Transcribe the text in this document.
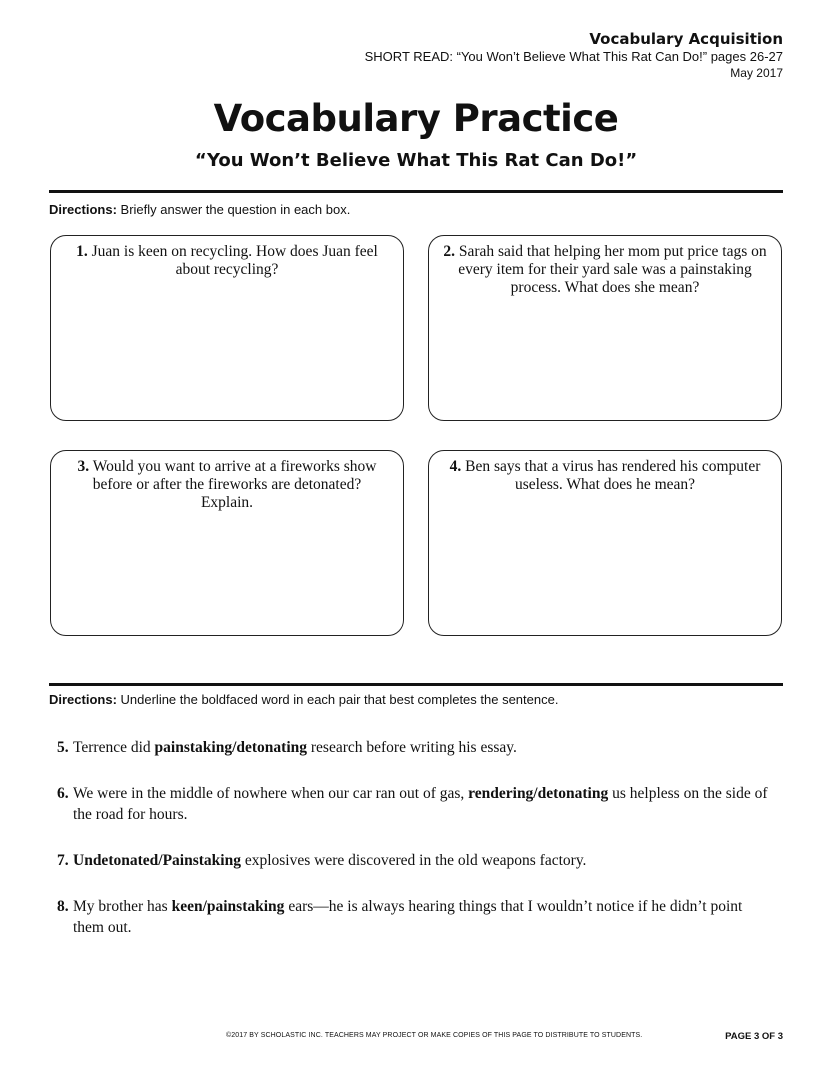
Vocabulary Acquisition
SHORT READ: “You Won’t Believe What This Rat Can Do!” pages 26-27
May 2017
Vocabulary Practice
“You Won’t Believe What This Rat Can Do!”
Directions: Briefly answer the question in each box.
1. Juan is keen on recycling. How does Juan feel about recycling?
2. Sarah said that helping her mom put price tags on every item for their yard sale was a painstaking process. What does she mean?
3. Would you want to arrive at a fireworks show before or after the fireworks are detonated? Explain.
4. Ben says that a virus has rendered his computer useless. What does he mean?
Directions: Underline the boldfaced word in each pair that best completes the sentence.
5. Terrence did painstaking/detonating research before writing his essay.
6. We were in the middle of nowhere when our car ran out of gas, rendering/detonating us helpless on the side of the road for hours.
7. Undetonated/Painstaking explosives were discovered in the old weapons factory.
8. My brother has keen/painstaking ears—he is always hearing things that I wouldn’t notice if he didn’t point them out.
©2017 BY SCHOLASTIC INC. TEACHERS MAY PROJECT OR MAKE COPIES OF THIS PAGE TO DISTRIBUTE TO STUDENTS.	PAGE 3 OF 3
